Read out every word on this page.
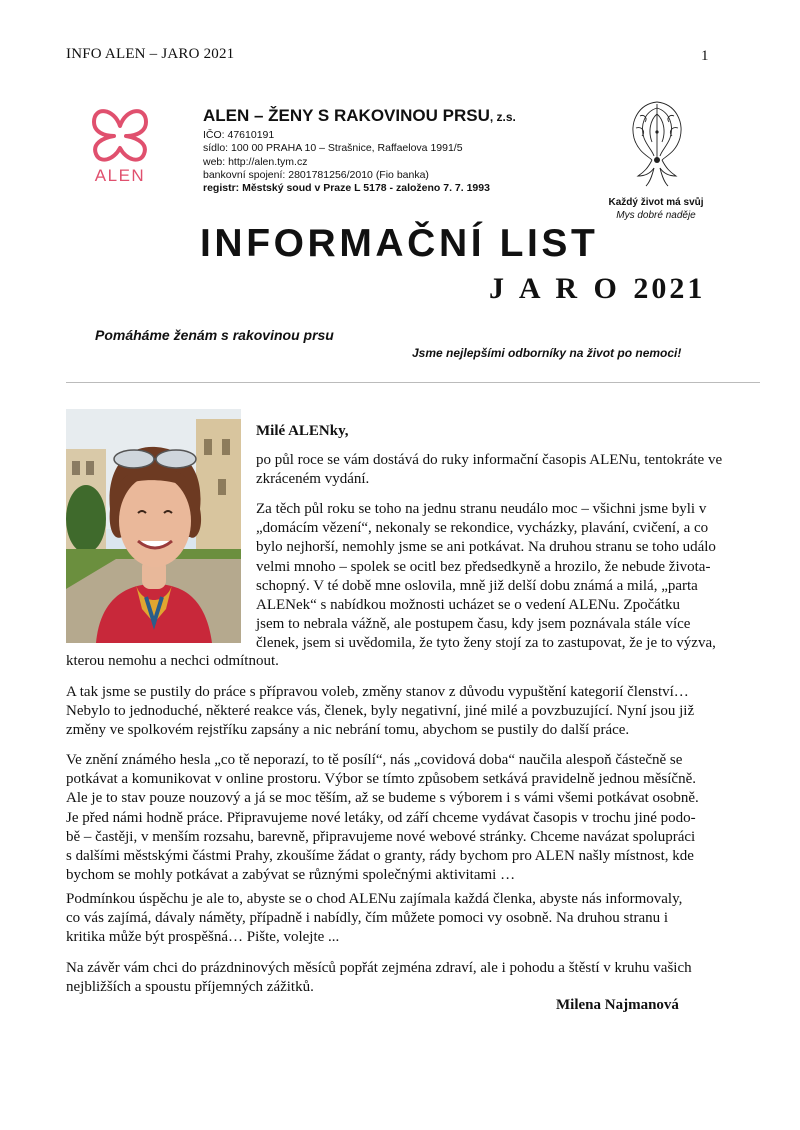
INFO ALEN – JARO 2021	1
ALEN
ALEN – ŽENY S RAKOVINOU PRSU, z.s.
IČO: 47610191
sídlo: 100 00 PRAHA 10 – Strašnice, Raffaelova 1991/5
web: http://alen.tym.cz
bankovní spojení: 2801781256/2010 (Fio banka)
registr: Městský soud v Praze L 5178 - založeno 7. 7. 1993
Každý život má svůj
Mys dobré naděje
INFORMAČNÍ LIST
J A R O 2021
Pomáháme ženám s rakovinou prsu
Jsme nejlepšími odborníky na život po nemoci!
Milé ALENky,
po půl roce se vám dostává do ruky informační časopis ALENu, tentokráte ve zkráceném vydání.
Za těch půl roku se toho na jednu stranu neudálo moc – všichni jsme byli v
„domácím vězení“, nekonaly se rekondice, vycházky, plavání, cvičení, a co
bylo nejhorší, nemohly jsme se ani potkávat. Na druhou stranu se toho událo
velmi mnoho – spolek se ocitl bez předsedkyně a hrozilo, že nebude života-
schopný. V té době mne oslovila, mně již delší dobu známá a milá, „parta
ALENek“ s nabídkou možnosti ucházet se o vedení ALENu. Zpočátku
jsem to nebrala vážně, ale postupem času, kdy jsem poznávala stále více
členek, jsem si uvědomila, že tyto ženy stojí za to zastupovat, že je to výzva,
kterou nemohu a nechci odmítnout.
A tak jsme se pustily do práce s přípravou voleb, změny stanov z důvodu vypuštění kategorií členství…
Nebylo to jednoduché, některé reakce vás, členek, byly negativní, jiné milé a povzbuzující. Nyní jsou již
změny ve spolkovém rejstříku zapsány a nic nebrání tomu, abychom se pustily do další práce.
Ve znění známého hesla „co tě neporazí, to tě posílí“, nás „covidová doba“ naučila alespoň částečně se
potkávat a komunikovat v online prostoru. Výbor se tímto způsobem setkává pravidelně jednou měsíčně.
Ale je to stav pouze nouzový a já se moc těším, až se budeme s výborem i s vámi všemi potkávat osobně.
Je před námi hodně práce. Připravujeme nové letáky, od září chceme vydávat časopis v trochu jiné podo-
bě – častěji, v menším rozsahu, barevně, připravujeme nové webové stránky. Chceme navázat spolupráci
s dalšími městskými částmi Prahy, zkoušíme žádat o granty, rády bychom pro ALEN našly místnost, kde
bychom se mohly potkávat a zabývat se různými společnými aktivitami …
Podmínkou úspěchu je ale to, abyste se o chod ALENu zajímala každá členka, abyste nás informovaly,
co vás zajímá, dávaly náměty, případně i nabídly, čím můžete pomoci vy osobně. Na druhou stranu i
kritika může být prospěšná… Pište, volejte ...
Na závěr vám chci do prázdninových měsíců popřát zejména zdraví, ale i pohodu a štěstí v kruhu vašich
nejbližších a spoustu příjemných zážitků.
Milena Najmanová
